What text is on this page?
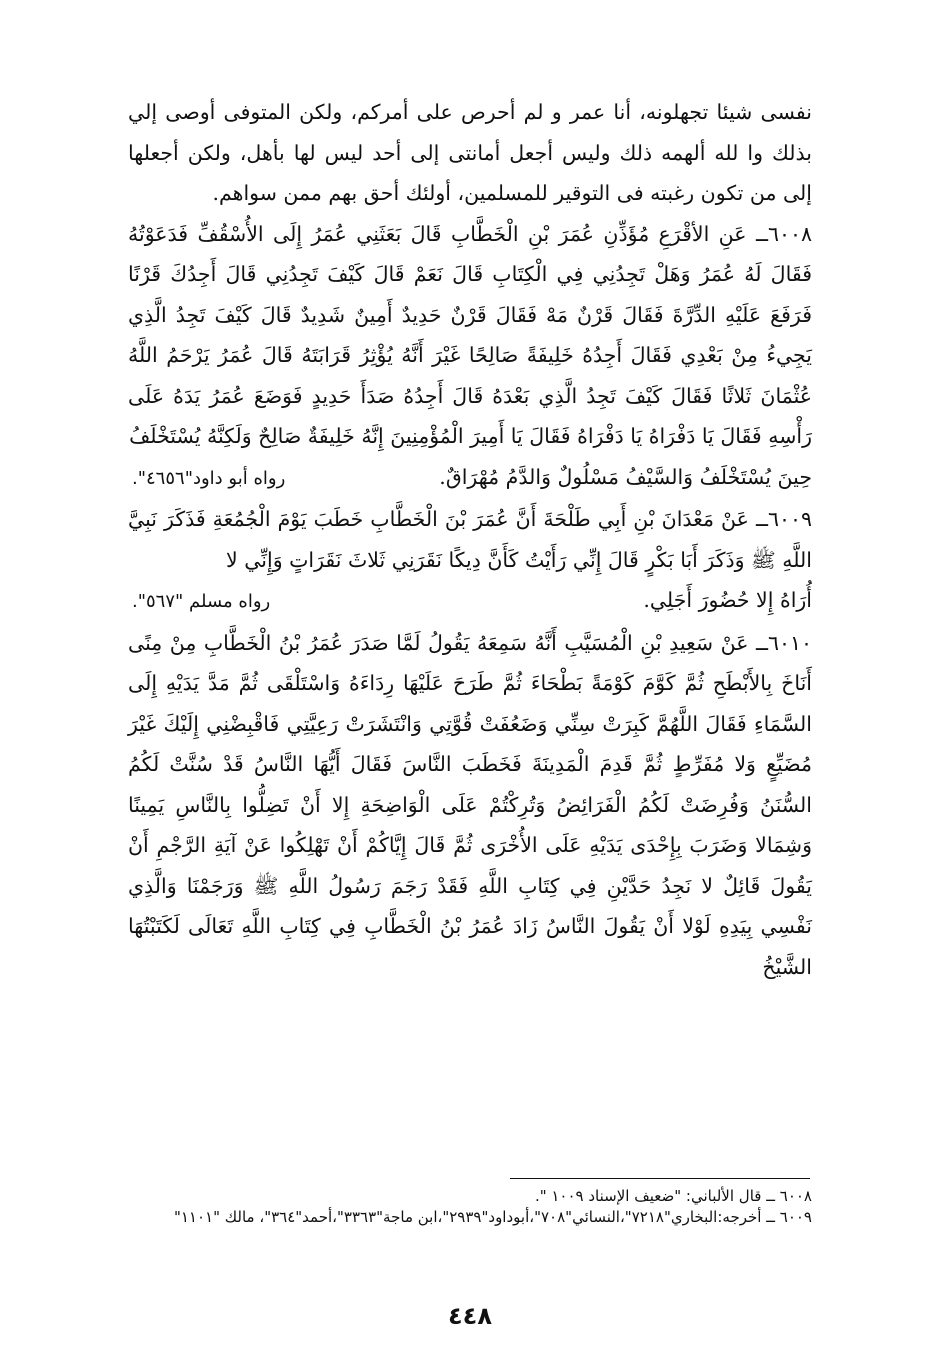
نفسى شيئا تجهلونه، أنا عمر و لم أحرص على أمركم، ولكن المتوفى أوصى إلي بذلك وا لله ألهمه ذلك وليس أجعل أمانتى إلى أحد ليس لها بأهل، ولكن أجعلها إلى من تكون رغبته فى التوقير للمسلمين، أولئك أحق بهم ممن سواهم.

٦٠٠٨ــ عَنِ الأقْرَعِ مُؤَذِّنِ عُمَرَ بْنِ الْخَطَّابِ قَالَ بَعَثَنِي عُمَرُ إِلَى الأُسْقُفِّ فَدَعَوْتُهُ فَقَالَ لَهُ عُمَرُ وَهَلْ تَجِدُنِي فِي الْكِتَابِ قَالَ نَعَمْ قَالَ كَيْفَ تَجِدُنِي قَالَ أَجِدُكَ قَرْنًا فَرَفَعَ عَلَيْهِ الدِّرَّةَ فَقَالَ قَرْنٌ مَهْ فَقَالَ قَرْنٌ حَدِيدٌ أَمِينٌ شَدِيدٌ قَالَ كَيْفَ تَجِدُ الَّذِي يَجِيءُ مِنْ بَعْدِي فَقَالَ أَجِدُهُ خَلِيفَةً صَالِحًا غَيْرَ أَنَّهُ يُؤْثِرُ قَرَابَتَهُ قَالَ عُمَرُ يَرْحَمُ اللَّهُ عُثْمَانَ ثَلاثًا فَقَالَ كَيْفَ تَجِدُ الَّذِي بَعْدَهُ قَالَ أَجِدُهُ صَدَأَ حَدِيدٍ فَوَضَعَ عُمَرُ يَدَهُ عَلَى رَأْسِهِ فَقَالَ يَا دَفْرَاهُ يَا دَفْرَاهُ فَقَالَ يَا أَمِيرَ الْمُؤْمِنِينَ إِنَّهُ خَلِيفَةٌ صَالِحٌ وَلَكِنَّهُ يُسْتَخْلَفُ

حِينَ يُسْتَخْلَفُ وَالسَّيْفُ مَسْلُولٌ وَالدَّمُ مُهْرَاقٌ.
رواه أبو داود"٤٦٥٦".

٦٠٠٩ــ عَنْ مَعْدَانَ بْنِ أَبِي طَلْحَةَ أَنَّ عُمَرَ بْنَ الْخَطَّابِ خَطَبَ يَوْمَ الْجُمُعَةِ فَذَكَرَ نَبِيَّ اللَّهِ ﷺ وَذَكَرَ أَبَا بَكْرٍ قَالَ إِنِّي رَأَيْتُ كَأَنَّ دِيكًا نَقَرَنِي ثَلاثَ نَقَرَاتٍ وَإِنِّي لا

أُرَاهُ إِلا حُضُورَ أَجَلِي.
رواه مسلم "٥٦٧".

٦٠١٠ــ عَنْ سَعِيدِ بْنِ الْمُسَيَّبِ أَنَّهُ سَمِعَهُ يَقُولُ لَمَّا صَدَرَ عُمَرُ بْنُ الْخَطَّابِ مِنْ مِنًى أَنَاخَ بِالأَبْطَحِ ثُمَّ كَوَّمَ كَوْمَةً بَطْحَاءَ ثُمَّ طَرَحَ عَلَيْهَا رِدَاءَهُ وَاسْتَلْقَى ثُمَّ مَدَّ يَدَيْهِ إِلَى السَّمَاءِ فَقَالَ اللَّهُمَّ كَبِرَتْ سِنِّي وَضَعُفَتْ قُوَّتِي وَانْتَشَرَتْ رَعِيَّتِي فَاقْبِضْنِي إِلَيْكَ غَيْرَ مُضَيِّعٍ وَلا مُفَرِّطٍ ثُمَّ قَدِمَ الْمَدِينَةَ فَخَطَبَ النَّاسَ فَقَالَ أَيُّهَا النَّاسُ قَدْ سُنَّتْ لَكُمُ السُّنَنُ وَفُرِضَتْ لَكُمُ الْفَرَائِضُ وَتُرِكْتُمْ عَلَى الْوَاضِحَةِ إِلا أَنْ تَضِلُّوا بِالنَّاسِ يَمِينًا وَشِمَالا وَضَرَبَ بِإِحْدَى يَدَيْهِ عَلَى الأُخْرَى ثُمَّ قَالَ إِيَّاكُمْ أَنْ تَهْلِكُوا عَنْ آيَةِ الرَّجْمِ أَنْ يَقُولَ قَائِلٌ لا نَجِدُ حَدَّيْنِ فِي كِتَابِ اللَّهِ فَقَدْ رَجَمَ رَسُولُ اللَّهِ ﷺ وَرَجَمْنَا وَالَّذِي نَفْسِي بِيَدِهِ لَوْلا أَنْ يَقُولَ النَّاسُ زَادَ عُمَرُ بْنُ الْخَطَّابِ فِي كِتَابِ اللَّهِ تَعَالَى لَكَتَبْتُهَا الشَّيْخُ

٦٠٠٨ ــ قال الألباني: "ضعيف الإسناد ١٠٠٩ ".

٦٠٠٩ ــ أخرجه:البخاري"٧٢١٨"،النسائي"٧٠٨"،أبوداود"٢٩٣٩"،ابن ماجة"٣٣٦٣"،أحمد"٣٦٤"، مالك "١١٠١"

٤٤٨
